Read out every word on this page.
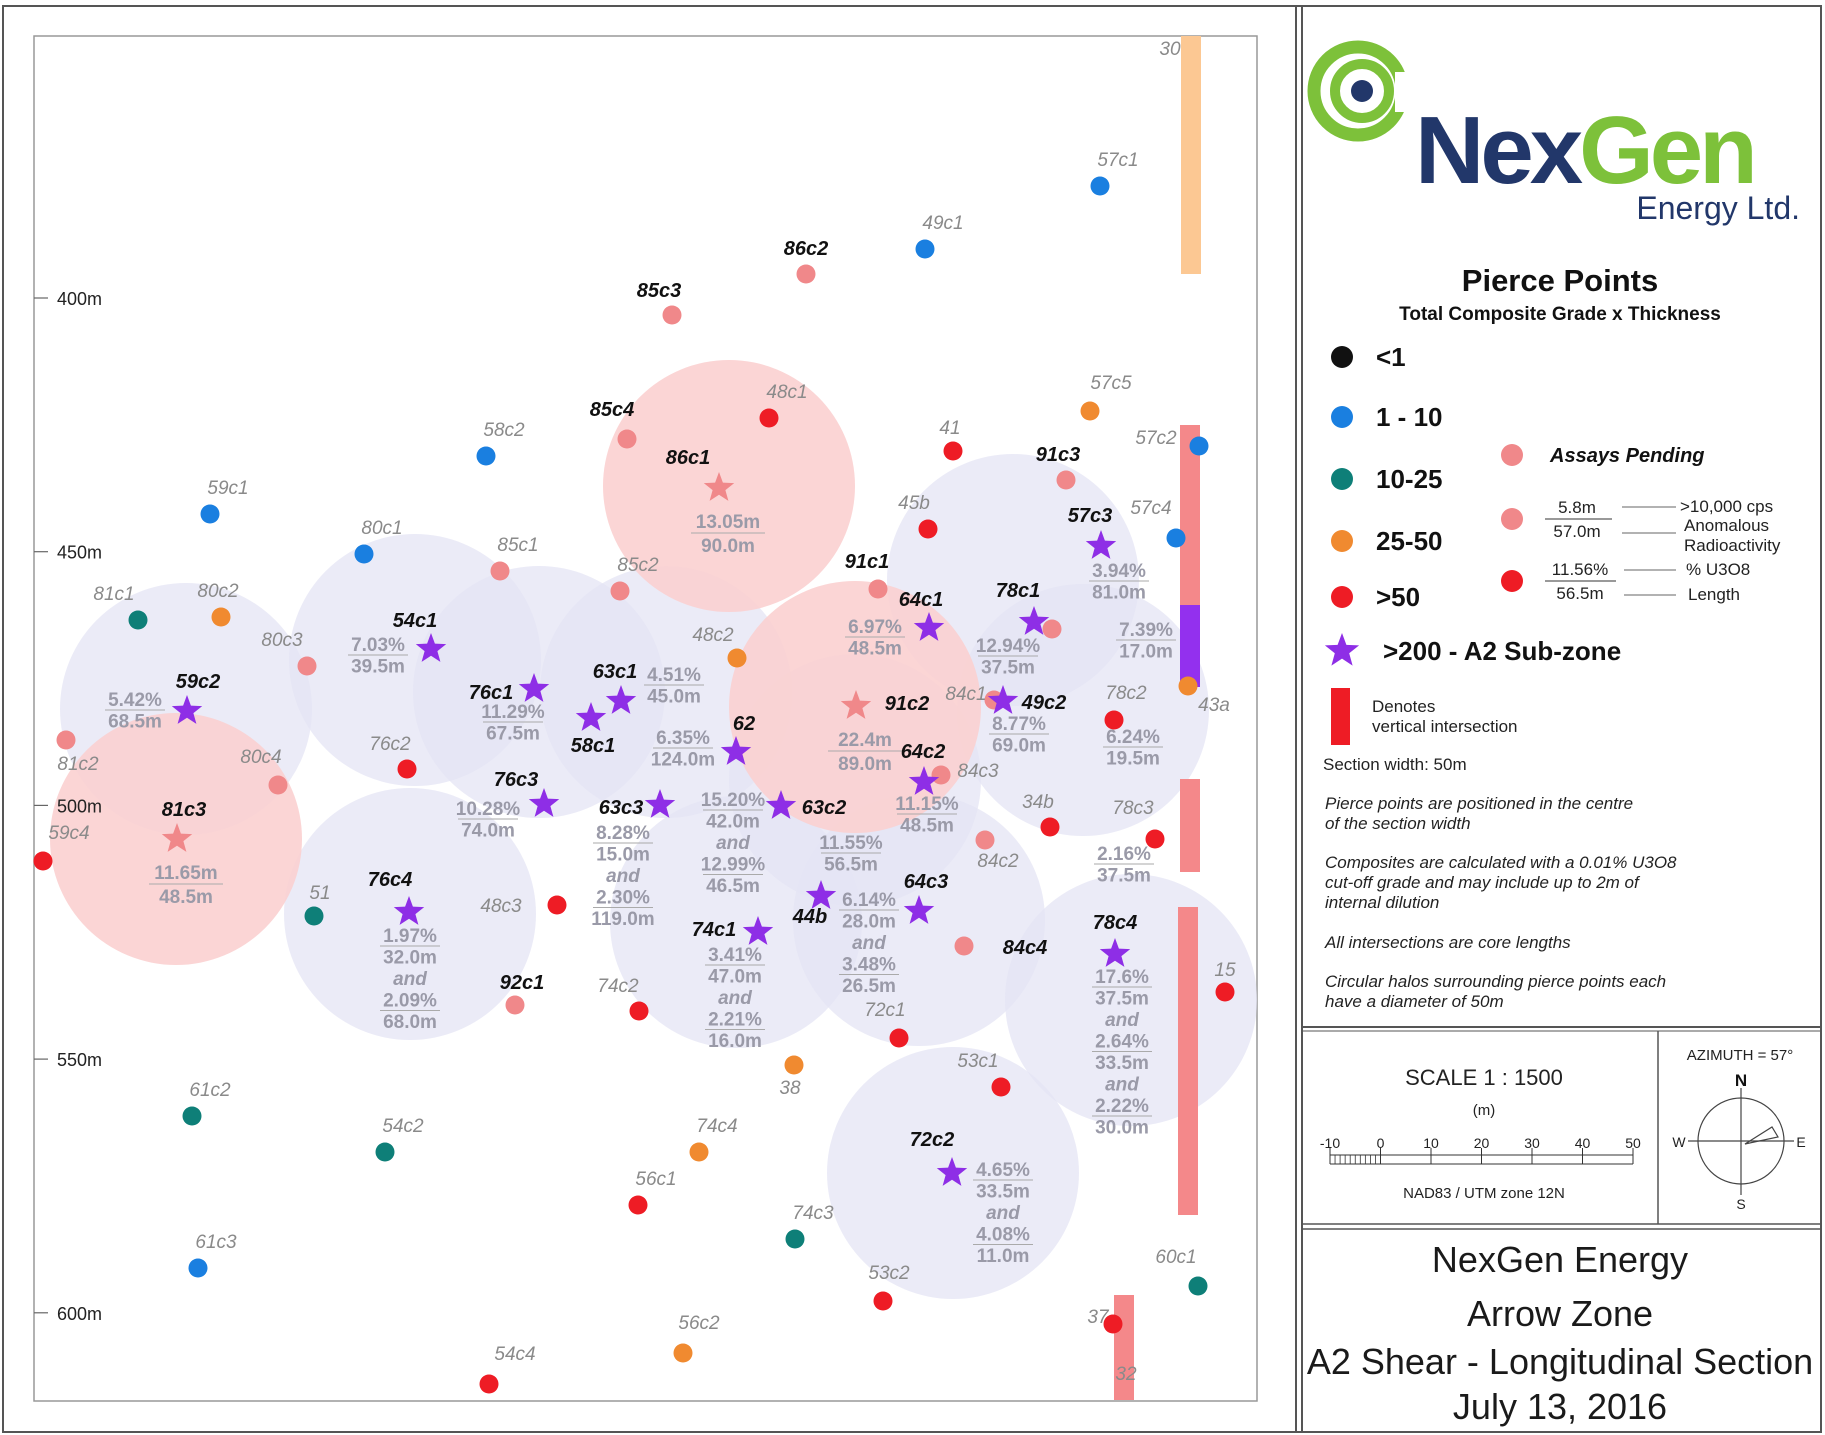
400m
450m
500m
550m
600m
30
57c1
49c1
86c2
85c3
48c1
85c4
57c5
41
58c2	57c2
91c3
59c1
45b	57c4
80c1
85c1
85c2	91c1
81c1	80c2
80c3	48c2
43a
78c2
81c2
76c2
80c4
84c1
84c3
34b	78c3
59c4
84c2
51
48c3
84c4
15
92c1	74c2
72c1
38
53c1
61c2
54c2	74c4
56c1
74c3
61c3
60c1
53c2
37
56c2
54c4
32
86c1
13.05m
90.0m
91c2
22.4m
89.0m
81c3
11.65m
48.5m
59c2
54c1
76c1
63c1
58c1
62
64c1	78c1
57c3
49c2
64c2
76c3
63c3	63c2
44b
64c3
74c1
76c4
78c4
72c2
7.03%
39.5m
5.42%
68.5m	11.29%
67.5m
4.51%
45.0m
6.35%
124.0m
6.97%
48.5m	12.94%
37.5m
7.39%
17.0m
8.77%
69.0m	6.24%
19.5m
3.94%
81.0m
10.28%
74.0m	8.28%
15.0m
and
2.30%
119.0m
15.20%
42.0m
and
12.99%
46.5m
11.55%
56.5m
11.15%
48.5m
6.14%
28.0m
and
3.48%
26.5m
3.41%
47.0m
and
2.21%
16.0m
1.97%
32.0m
and
2.09%
68.0m
17.6%
37.5m
and
2.64%
33.5m
and
2.22%
30.0m
2.16%
37.5m
4.65%
33.5m
and
4.08%
11.0m
NexGen
Energy Ltd.
Pierce Points
Total Composite Grade x Thickness
<1
1 - 10
10-25
25-50
>50
>200 - A2 Sub-zone
Assays Pending
5.8m
57.0m
>10,000 cps
Anomalous
Radioactivity
11.56%
56.5m
% U3O8
Length
Denotes
vertical intersection
Section width: 50m
Pierce points are positioned in the centre
of the section width
Composites are calculated with a 0.01% U3O8
cut-off grade and may include up to 2m of
internal dilution
All intersections are core lengths
Circular halos surrounding pierce points each
have a diameter of 50m
SCALE 1 : 1500
(m)
-10	0	10 20 30 40 50
NAD83 / UTM zone 12N
AZIMUTH = 57°
N
S
E
W
NexGen Energy
Arrow Zone
A2 Shear - Longitudinal Section
July 13, 2016
